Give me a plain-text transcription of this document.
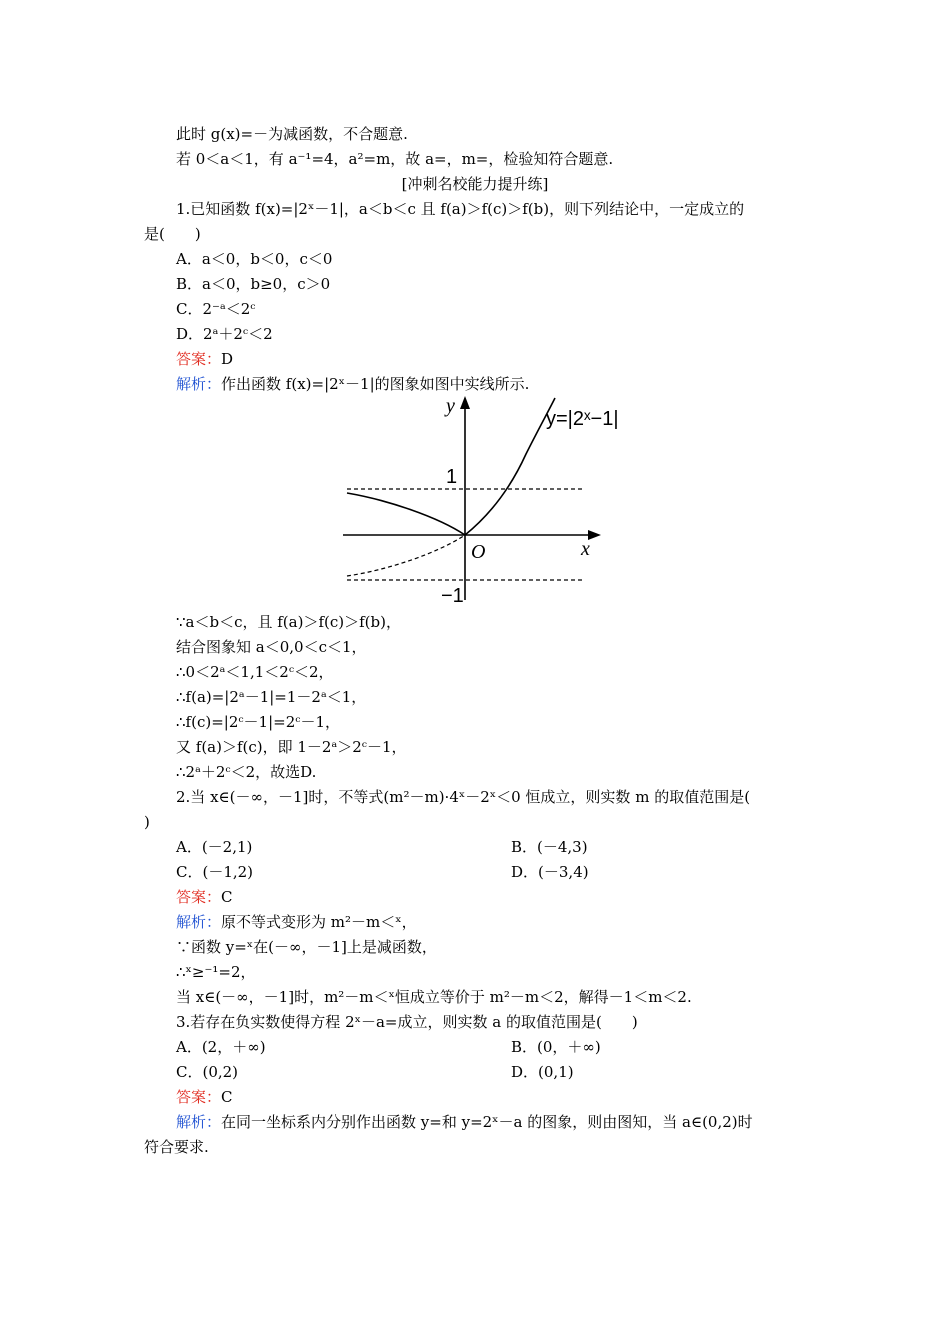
此时 g(x)=－为减函数，不合题意.
若 0＜a＜1，有 a⁻¹=4，a²=m，故 a=，m=，检验知符合题意.
[冲刺名校能力提升练]
1.已知函数 f(x)=|2ˣ－1|，a＜b＜c 且 f(a)＞f(c)＞f(b)，则下列结论中，一定成立的
是(　　)
A．a＜0，b＜0，c＜0
B．a＜0，b≥0，c＞0
C．2⁻ᵃ＜2ᶜ
D．2ᵃ＋2ᶜ＜2
答案：D
解析：作出函数 f(x)=|2ˣ－1|的图象如图中实线所示.
y
x
O
1
−1
y=|2ˣ−1|
∵a＜b＜c，且 f(a)＞f(c)＞f(b)，
结合图象知 a＜0,0＜c＜1，
∴0＜2ᵃ＜1,1＜2ᶜ＜2，
∴f(a)=|2ᵃ－1|=1－2ᵃ＜1，
∴f(c)=|2ᶜ－1|=2ᶜ－1，
又 f(a)＞f(c)，即 1－2ᵃ＞2ᶜ－1，
∴2ᵃ＋2ᶜ＜2，故选D.
2.当 x∈(－∞，－1]时，不等式(m²－m)·4ˣ－2ˣ＜0 恒成立，则实数 m 的取值范围是(
)
A．(－2,1)	B．(－4,3)
C．(－1,2)	D．(－3,4)
答案：C
解析：原不等式变形为 m²－m＜ˣ，
∵函数 y=ˣ在(－∞，－1]上是减函数，
∴ˣ≥⁻¹=2，
当 x∈(－∞，－1]时，m²－m＜ˣ恒成立等价于 m²－m＜2，解得－1＜m＜2.
3.若存在负实数使得方程 2ˣ－a=成立，则实数 a 的取值范围是(　　)
A．(2，＋∞)	B．(0，＋∞)
C．(0,2)	D．(0,1)
答案：C
解析：在同一坐标系内分别作出函数 y=和 y=2ˣ－a 的图象，则由图知，当 a∈(0,2)时
符合要求.
